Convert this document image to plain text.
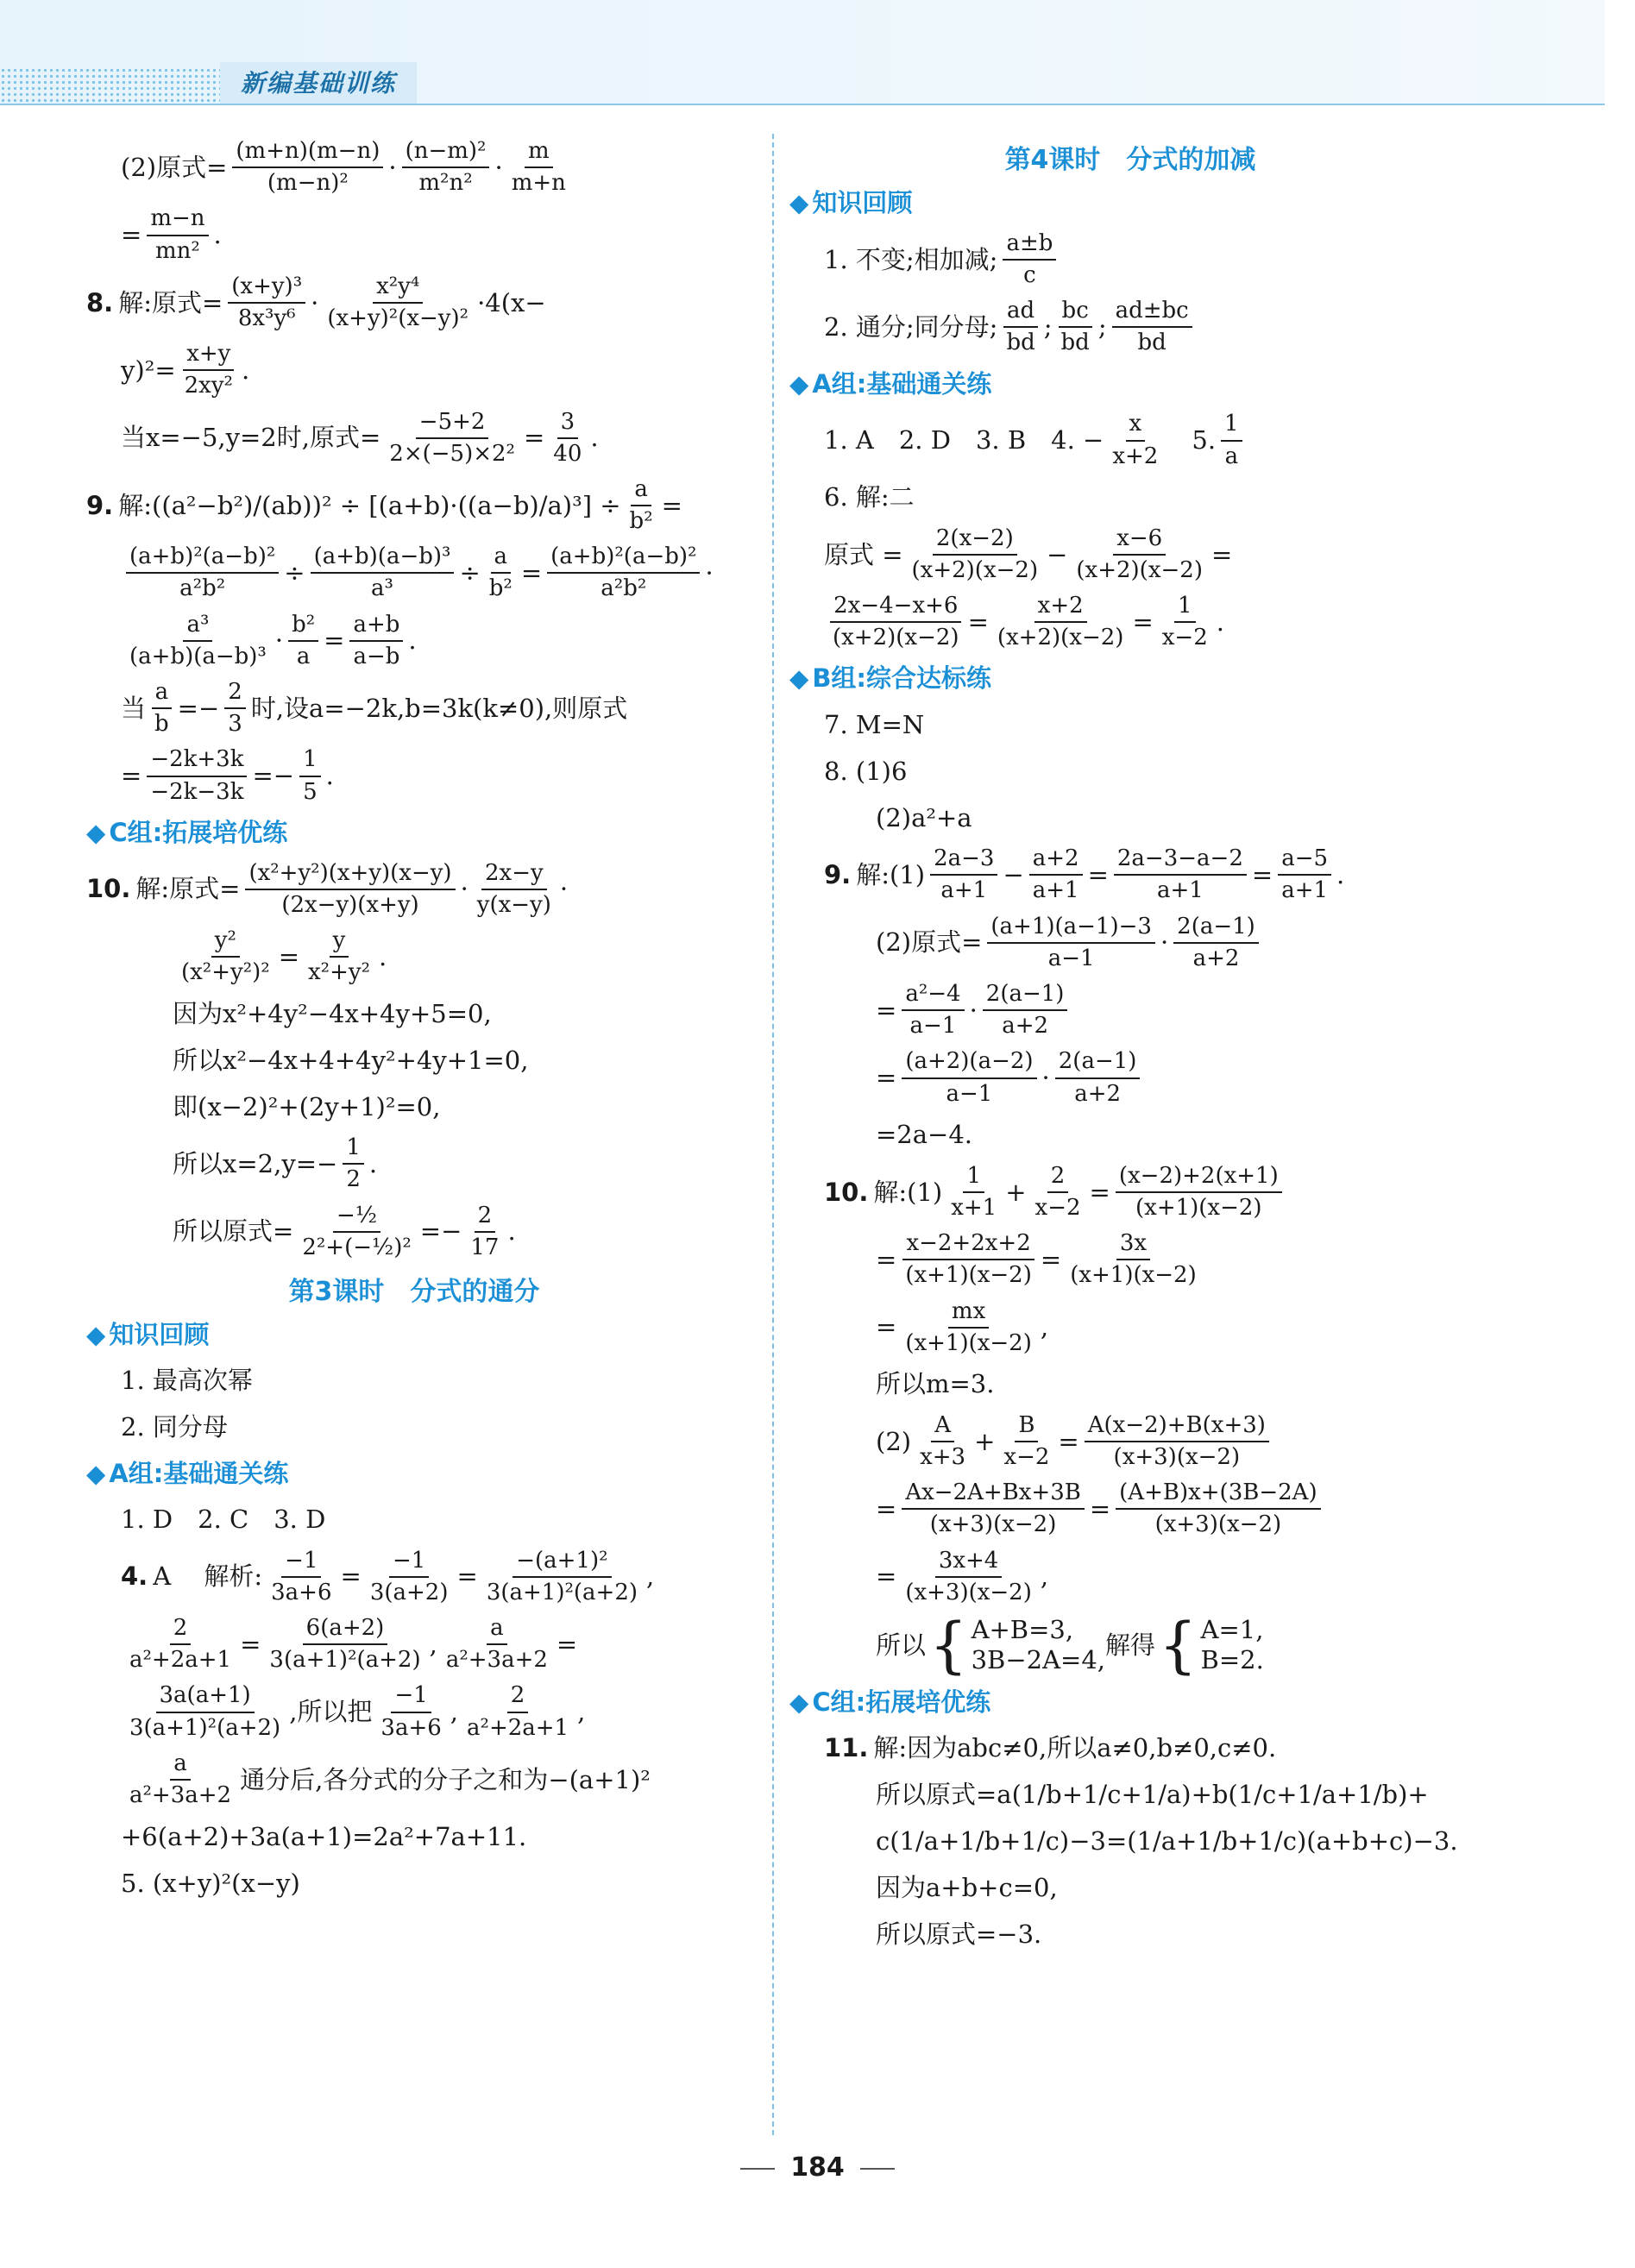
新编基础训练
(2)原式= $\frac{(m+n)(m-n)}{\text{(m−n)²}} \cdot \frac{\text{(n−m)²}}{\text{m²n²}} \cdot \frac{m}{m+n}$
= $\frac{m-n}{\text{mn²}}$ .
8. 解:原式= $\frac{\text{(x+y)³}}{\text{8x³y⁶}} \cdot \frac{\text{x²y⁴}}{\text{(x+y)²(x−y)²}} \cdot 4(x-$
$y)^2= \frac{x+y}{\text{2xy²}}$ .
当x=−5,y=2时,原式= $\frac{-5+2}{\text{2×(−5)×2²}} = \frac{3}{40}$ .
9. 解: ( (a²−b²)/(ab) ) $^2 \div [(a+b)\cdot((a-b)/a)^3] \div \frac{a}{\text{b²}}$ =
$\frac{\text{(a+b)²(a−b)²}}{\text{a²b²}} \div \frac{\text{(a+b)(a−b)³}}{\text{a³}} \div \frac{a}{\text{b²}} = \frac{\text{(a+b)²(a−b)²}}{\text{a²b²}}$ ·
$\frac{\text{a³}}{\text{(a+b)(a−b)³}} \cdot \frac{\text{b²}}{a} = \frac{a+b}{a-b}$ .
当 $\frac{a}{b} =- \frac{2}{3}$ 时,设a=−2k,b=3k(k≠0),则原式
= $\frac{-2k+3k}{-2k-3k} =- \frac{1}{5}$ .
◆ C组:拓展培优练
10. 解:原式= $\frac{\text{(x²+y²)(x+y)(x−y)}}{(2x-y)(x+y)} \cdot \frac{2x-y}{y(x-y)}$ ·
$\frac{\text{y²}}{\text{(x²+y²)²}} = \frac{y}{\text{x²+y²}}$ .
因为x²+4y²−4x+4y+5=0,
所以x²−4x+4+4y²+4y+1=0,
即(x−2)²+(2y+1)²=0,
所以$x=2,y=- \frac{1}{2}$ .
所以原式= $\frac{\text{−½}}{\text{2²+(−½)²}} =- \frac{2}{17}$ .
第3课时　分式的通分
◆ 知识回顾
1. 最高次幂
2. 同分母
◆ A组:基础通关练
1. D　2. C　3. D
4. A　 解析: $\frac{-1}{3a+6} = \frac{-1}{3(a+2)} = \frac{\text{−(a+1)²}}{\text{3(a+1)²(a+2)}}$ ,
$\frac{2}{\text{a²+2a+1}} = \frac{6(a+2)}{\text{3(a+1)²(a+2)}}$ , $\frac{a}{\text{a²+3a+2}}$ =
$\frac{3a(a+1)}{\text{3(a+1)²(a+2)}}$ ,所以把 $\frac{-1}{3a+6}$ , $\frac{2}{\text{a²+2a+1}}$ ,
$\frac{a}{\text{a²+3a+2}}$ 通分后,各分式的分子之和为−(a+1)²
+6(a+2)+3a(a+1)=2a²+7a+11.
5. (x+y)²(x−y)
第4课时　分式的加减
◆ 知识回顾
1. 不变;相加减; $\frac{a\pm b}{c}$
2. 通分;同分母; $\frac{ad}{bd}$ ; $\frac{bc}{bd}$ ; $\frac{ad\pm bc}{bd}$
◆ A组:基础通关练
1. A　2. D　3. B　4. − $\frac{x}{x+2}$
　 5. $\frac{1}{a}$
6. 解:二
原式 = $\frac{2(x-2)}{(x+2)(x-2)} - \frac{x-6}{(x+2)(x-2)}$ =
$\frac{2x-4-x+6}{(x+2)(x-2)} = \frac{x+2}{(x+2)(x-2)} = \frac{1}{x-2}$ .
◆ B组:综合达标练
7. M=N
8. (1)6
(2)a²+a
9. 解:(1) $\frac{2a-3}{a+1} - \frac{a+2}{a+1} = \frac{2a-3-a-2}{a+1} = \frac{a-5}{a+1}$ .
(2)原式= $\frac{(a+1)(a-1)-3}{a-1} \cdot \frac{2(a-1)}{a+2}$
= $\frac{\text{a²−4}}{a-1} \cdot \frac{2(a-1)}{a+2}$
= $\frac{(a+2)(a-2)}{a-1} \cdot \frac{2(a-1)}{a+2}$
=2a−4.
10. 解:(1) $\frac{1}{x+1} + \frac{2}{x-2} = \frac{(x-2)+2(x+1)}{(x+1)(x-2)}$
= $\frac{x-2+2x+2}{(x+1)(x-2)} = \frac{3x}{(x+1)(x-2)}$
= $\frac{mx}{(x+1)(x-2)}$ ,
所以m=3.
$(2) \frac{A}{x+3} + \frac{B}{x-2} = \frac{A(x-2)+B(x+3)}{(x+3)(x-2)}$
= $\frac{Ax-2A+Bx+3B}{(x+3)(x-2)} = \frac{(A+B)x+(3B-2A)}{(x+3)(x-2)}$
= $\frac{3x+4}{(x+3)(x-2)}$ ,
所以 { A+B=3,
3B−2A=4,
解得 { A=1,
B=2.
◆ C组:拓展培优练
11. 解:因为abc≠0,所以a≠0,b≠0,c≠0.
所以原式=a(1/b+1/c+1/a)+b(1/c+1/a+1/b)+
c(1/a+1/b+1/c)−3=(1/a+1/b+1/c)(a+b+c)−3.
因为a+b+c=0,
所以原式=−3.
184
